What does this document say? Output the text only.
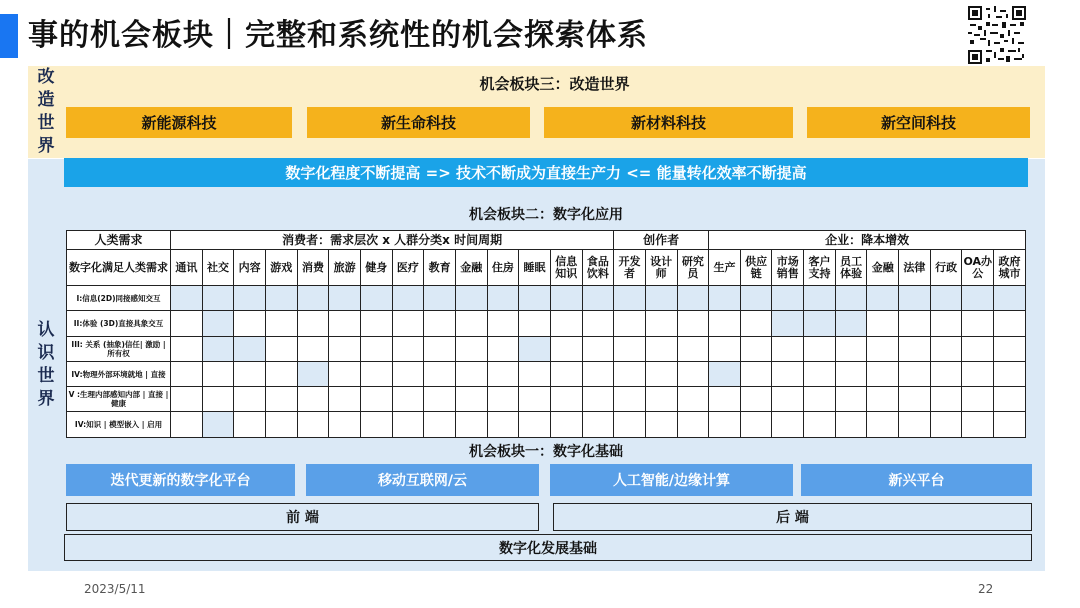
事的机会板块｜完整和系统性的机会探索体系
改
造
世
界
机会板块三：改造世界
新能源科技	新生命科技	新材料科技	新空间科技
认
识
世
界
数字化程度不断提高 => 技术不断成为直接生产力 <= 能量转化效率不断提高
机会板块二：数字化应用
人类需求	消费者：需求层次 x 人群分类x 时间周期														创作者			企业：降本增效									
数字化满足人类需求	通讯	社交	内容	游戏	消费	旅游	健身	医疗	教育	金融	住房	睡眠	信息知识	食品饮料	开发者	设计师	研究员	生产	供应链	市场销售	客户支持	员工体验	金融	法律	行政	OA办公	政府城市
I:信息(2D)同接感知交互																											
II:体验 (3D)直接具象交互																											
III: 关系 (抽象)信任| 激励 | 所有权																											
IV:物理外部环境就地 | 直接																											
V :生理内部感知内部 | 直接 | 健康																											
IV:知识 | 模型嵌入 | 启用																											
机会板块一：数字化基础
迭代更新的数字化平台	移动互联网/云	人工智能/边缘计算	新兴平台
前 端	后 端
数字化发展基础
2023/5/11	22
